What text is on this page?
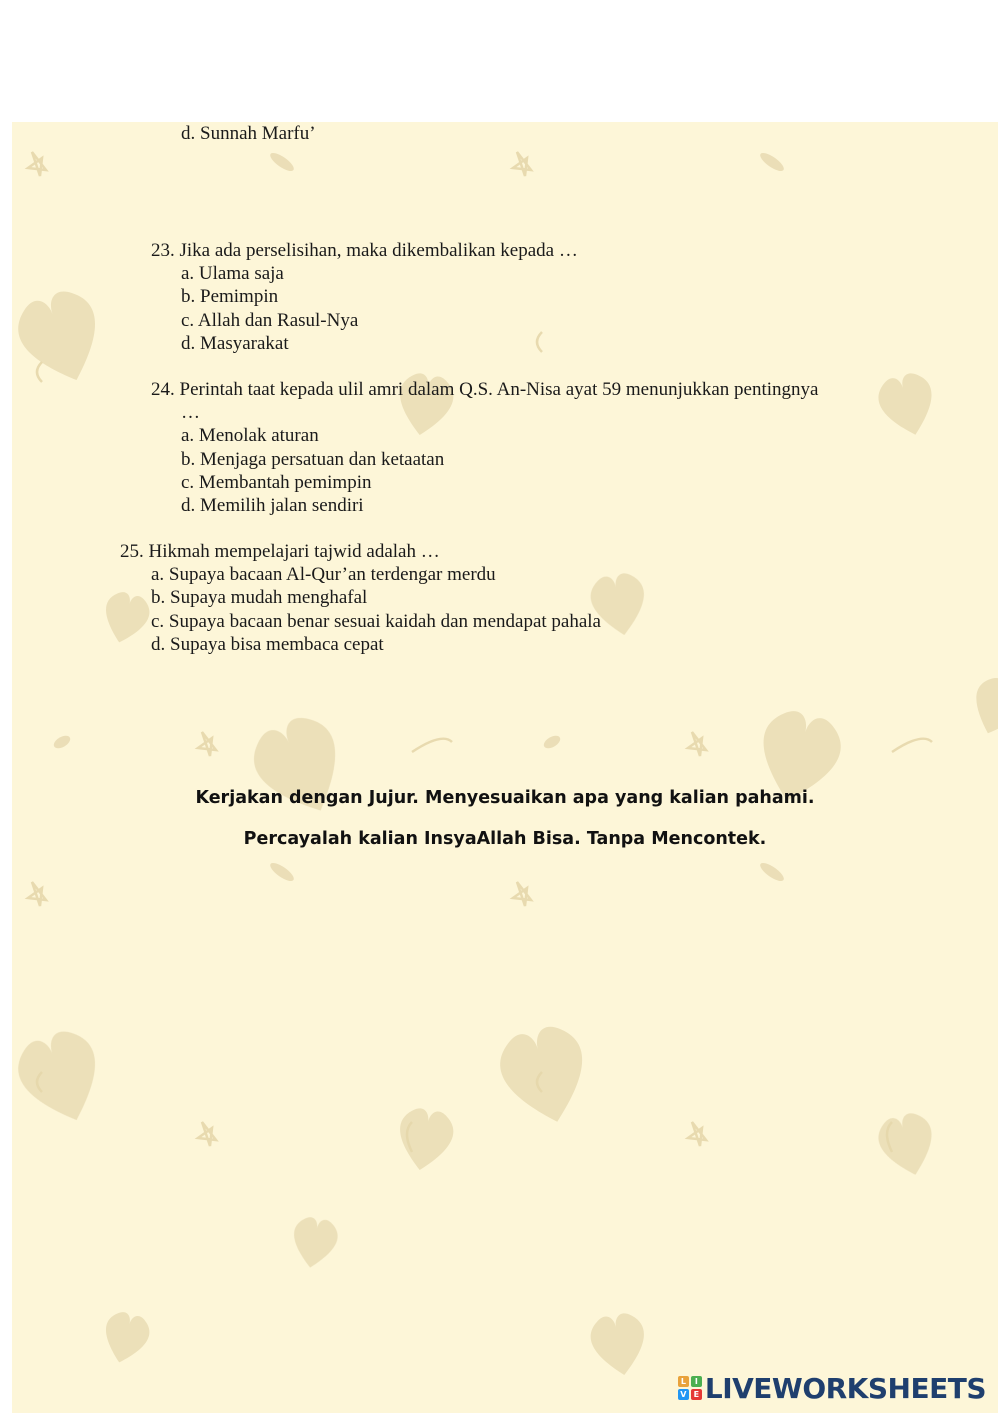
d. Sunnah Marfu’
23. Jika ada perselisihan, maka dikembalikan kepada …
a. Ulama saja
b. Pemimpin
c. Allah dan Rasul-Nya
d. Masyarakat
24. Perintah taat kepada ulil amri dalam Q.S. An-Nisa ayat 59 menunjukkan pentingnya
…
a. Menolak aturan
b. Menjaga persatuan dan ketaatan
c. Membantah pemimpin
d. Memilih jalan sendiri
25. Hikmah mempelajari tajwid adalah …
a. Supaya bacaan Al-Qur’an terdengar merdu
b. Supaya mudah menghafal
c. Supaya bacaan benar sesuai kaidah dan mendapat pahala
d. Supaya bisa membaca cepat
Kerjakan dengan Jujur. Menyesuaikan apa yang kalian pahami.
Percayalah kalian InsyaAllah Bisa. Tanpa Mencontek.
L	I
V E LIVEWORKSHEETS
